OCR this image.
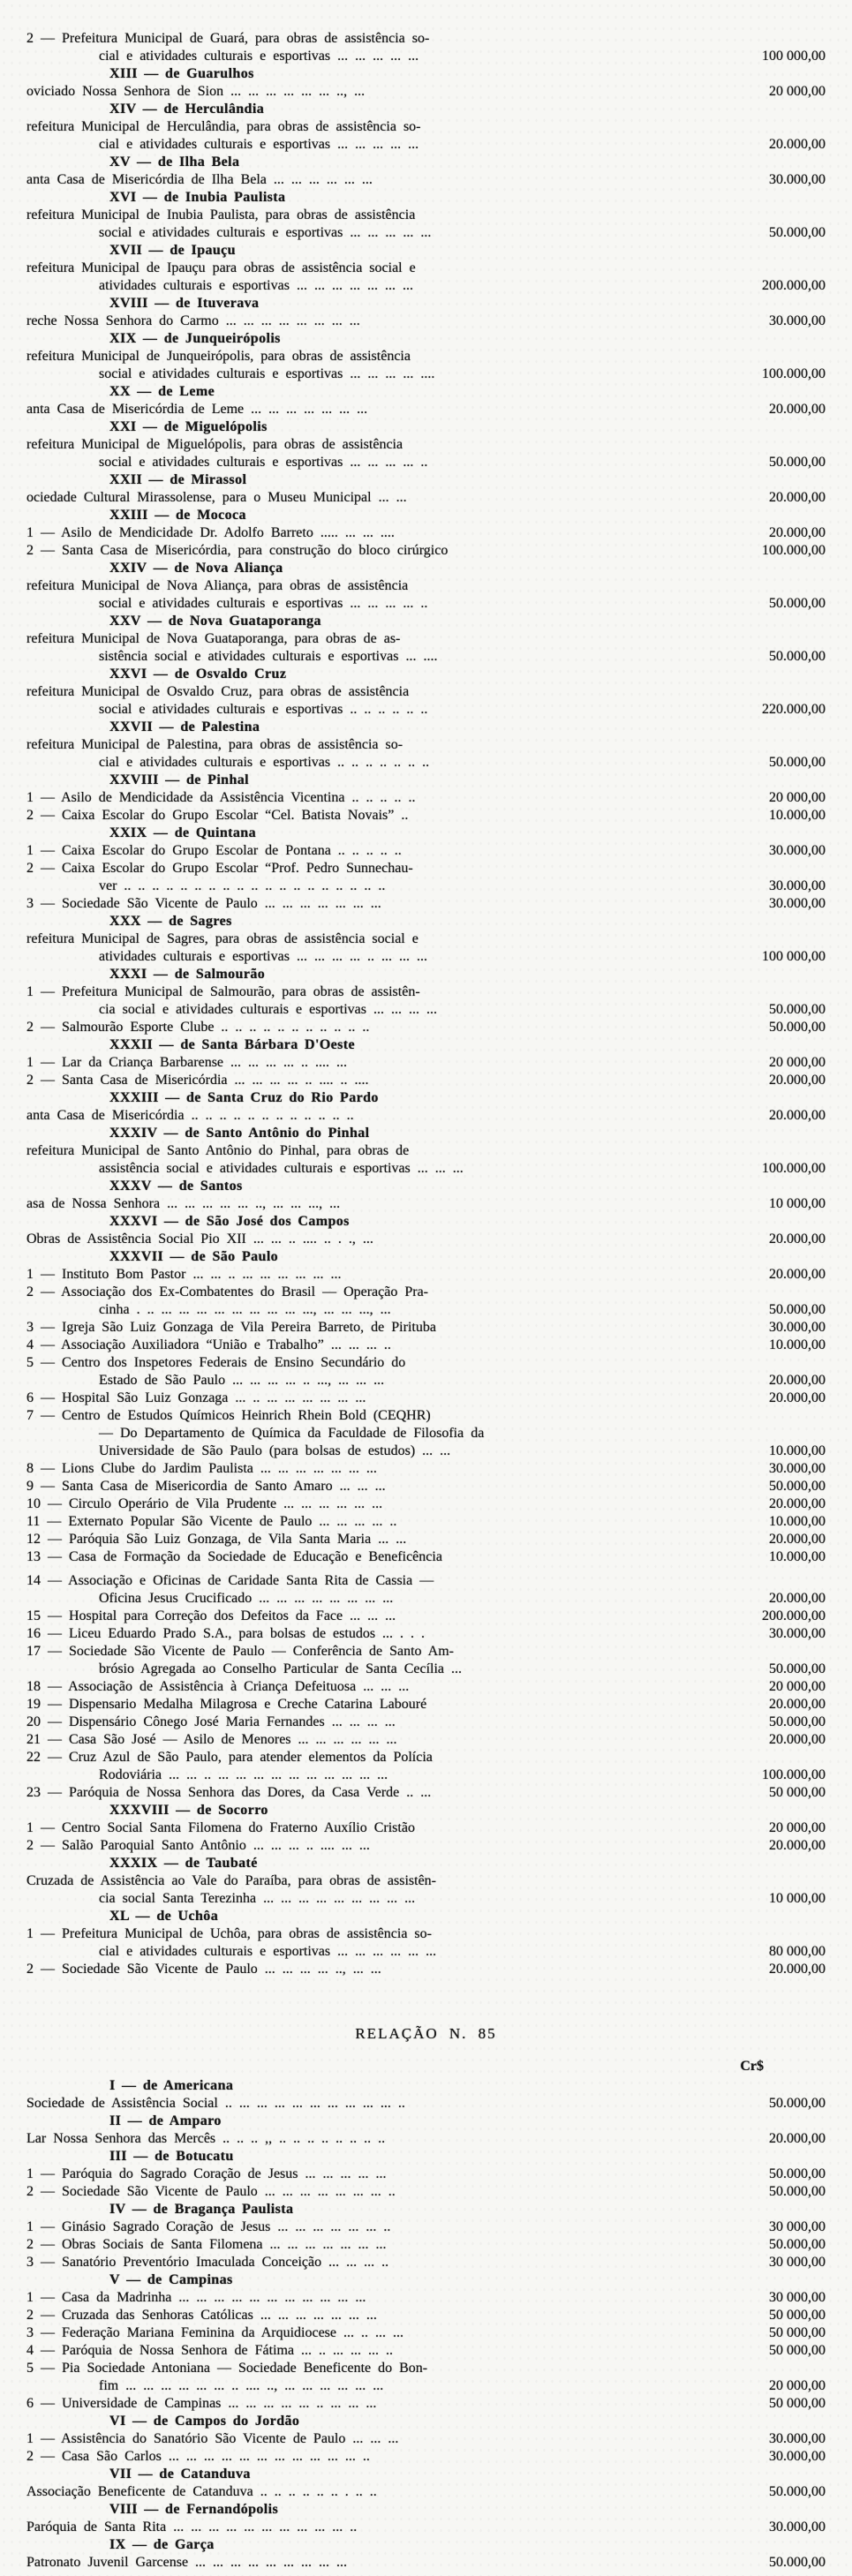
2 — Prefeitura Municipal de Guará, para obras de assistência so-
cial e atividades culturais e esportivas ... ... ... ... ...	100 000,00
XIII — de Guarulhos
oviciado Nossa Senhora de Sion ... ... ... ... ... ... .., ...	20 000,00
XIV — de Herculândia
refeitura Municipal de Herculândia, para obras de assistência so-
cial e atividades culturais e esportivas ... ... ... ... ...	20.000,00
XV — de Ilha Bela
anta Casa de Misericórdia de Ilha Bela ... ... ... ... ... ...	30.000,00
XVI — de Inubia Paulista
refeitura Municipal de Inubia Paulista, para obras de assistência
social e atividades culturais e esportivas ... ... ... ... ...	50.000,00
XVII — de Ipauçu
refeitura Municipal de Ipauçu para obras de assistência social e
atividades culturais e esportivas ... ... ... ... ... ... ...	200.000,00
XVIII — de Ituverava
reche Nossa Senhora do Carmo ... ... ... ... ... ... ... ...	30.000,00
XIX — de Junqueirópolis
refeitura Municipal de Junqueirópolis, para obras de assistência
social e atividades culturais e esportivas ... ... ... ... ....	100.000,00
XX — de Leme
anta Casa de Misericórdia de Leme ... ... ... ... ... ... ...	20.000,00
XXI — de Miguelópolis
refeitura Municipal de Miguelópolis, para obras de assistência
social e atividades culturais e esportivas ... ... ... ... ..	50.000,00
XXII — de Mirassol
ociedade Cultural Mirassolense, para o Museu Municipal ... ...	20.000,00
XXIII — de Mococa
1 — Asilo de Mendicidade Dr. Adolfo Barreto ..... ... ... ....	20.000,00
2 — Santa Casa de Misericórdia, para construção do bloco cirúrgico	100.000,00
XXIV — de Nova Aliança
refeitura Municipal de Nova Aliança, para obras de assistência
social e atividades culturais e esportivas ... ... ... ... ..	50.000,00
XXV — de Nova Guataporanga
refeitura Municipal de Nova Guataporanga, para obras de as-
sistência social e atividades culturais e esportivas ... ....	50.000,00
XXVI — de Osvaldo Cruz
refeitura Municipal de Osvaldo Cruz, para obras de assistência
social e atividades culturais e esportivas .. .. .. .. .. ..	220.000,00
XXVII — de Palestina
refeitura Municipal de Palestina, para obras de assistência so-
cial e atividades culturais e esportivas .. .. .. .. .. .. ..	50.000,00
XXVIII — de Pinhal
1 — Asilo de Mendicidade da Assistência Vicentina .. .. .. .. ..	20 000,00
2 — Caixa Escolar do Grupo Escolar “Cel. Batista Novais” ..	10.000,00
XXIX — de Quintana
1 — Caixa Escolar do Grupo Escolar de Pontana .. .. .. .. ..	30.000,00
2 — Caixa Escolar do Grupo Escolar “Prof. Pedro Sunnechau-
ver .. .. .. .. .. .. .. .. .. .. .. .. .. .. .. .. .. .. ..	30.000,00
3 — Sociedade São Vicente de Paulo ... ... ... ... ... ... ...	30.000,00
XXX — de Sagres
refeitura Municipal de Sagres, para obras de assistência social e
atividades culturais e esportivas ... ... ... ... .. ... ... ...	100 000,00
XXXI — de Salmourão
1 — Prefeitura Municipal de Salmourão, para obras de assistên-
cia social e atividades culturais e esportivas ... ... ... ...	50.000,00
2 — Salmourão Esporte Clube .. .. .. .. .. .. .. .. .. .. ..	50.000,00
XXXII — de Santa Bárbara D'Oeste
1 — Lar da Criança Barbarense ... ... ... ... .. .... ...	20 000,00
2 — Santa Casa de Misericórdia ... ... ... ... .. .... .. ....	20.000,00
XXXIII — de Santa Cruz do Rio Pardo
anta Casa de Misericórdia .. .. .. .. .. .. .. .. .. .. .. ..	20.000,00
XXXIV — de Santo Antônio do Pinhal
refeitura Municipal de Santo Antônio do Pinhal, para obras de
assistência social e atividades culturais e esportivas ... ... ...	100.000,00
XXXV — de Santos
asa de Nossa Senhora ... ... ... ... ... .., ... ... ..., ...	10 000,00
XXXVI — de São José dos Campos
Obras de Assistência Social Pio XII ... ... .. .... .. . ., ...	20.000,00
XXXVII — de São Paulo
1 — Instituto Bom Pastor ... ... .. ... ... ... ... ... ...	20.000,00
2 — Associação dos Ex-Combatentes do Brasil — Operação Pra-
cinha . .. ... ... ... ... ... ... ... ... ..., ... ... ..., ...	50.000,00
3 — Igreja São Luiz Gonzaga de Vila Pereira Barreto, de Pirituba	30.000,00
4 — Associação Auxiliadora “União e Trabalho” ... ... ... ..	10.000,00
5 — Centro dos Inspetores Federais de Ensino Secundário do
Estado de São Paulo ... ... ... ... .. ..., ... ... ...	20.000,00
6 — Hospital São Luiz Gonzaga ... .. ... ... ... ... ... ...	20.000,00
7 — Centro de Estudos Químicos Heinrich Rhein Bold (CEQHR)
— Do Departamento de Química da Faculdade de Filosofia da
Universidade de São Paulo (para bolsas de estudos) ... ...	10.000,00
8 — Lions Clube do Jardim Paulista ... ... ... ... ... ... ...	30.000,00
9 — Santa Casa de Misericordia de Santo Amaro ... ... ...	50.000,00
10 — Circulo Operário de Vila Prudente ... ... ... ... ... ...	20.000,00
11 — Externato Popular São Vicente de Paulo ... ... ... ... ..	10.000,00
12 — Paróquia São Luiz Gonzaga, de Vila Santa Maria ... ...	20.000,00
13 — Casa de Formação da Sociedade de Educação e Beneficência	10.000,00
14 — Associação e Oficinas de Caridade Santa Rita de Cassia —
Oficina Jesus Crucificado ... ... ... ... ... ... ... ...	20.000,00
15 — Hospital para Correção dos Defeitos da Face ... ... ...	200.000,00
16 — Liceu Eduardo Prado S.A., para bolsas de estudos ... . . .	30.000,00
17 — Sociedade São Vicente de Paulo — Conferência de Santo Am-
brósio Agregada ao Conselho Particular de Santa Cecília ...	50.000,00
18 — Associação de Assistência à Criança Defeituosa ... ... ...	20 000,00
19 — Dispensario Medalha Milagrosa e Creche Catarina Labouré	20.000,00
20 — Dispensário Cônego José Maria Fernandes ... ... ... ...	50.000,00
21 — Casa São José — Asilo de Menores ... ... ... ... ... ...	20.000,00
22 — Cruz Azul de São Paulo, para atender elementos da Polícia
Rodoviária ... ... .. ... ... ... ... ... ... ... ... ... ...	100.000,00
23 — Paróquia de Nossa Senhora das Dores, da Casa Verde .. ...	50 000,00
XXXVIII — de Socorro
1 — Centro Social Santa Filomena do Fraterno Auxílio Cristão	20 000,00
2 — Salão Paroquial Santo Antônio ... ... ... .. .... ... ...	20.000,00
XXXIX — de Taubaté
Cruzada de Assistência ao Vale do Paraíba, para obras de assistên-
cia social Santa Terezinha ... ... ... ... ... ... ... ... ...	10 000,00
XL — de Uchôa
1 — Prefeitura Municipal de Uchôa, para obras de assistência so-
cial e atividades culturais e esportivas ... ... ... ... ... ...	80 000,00
2 — Sociedade São Vicente de Paulo ... ... ... ... .., ... ...	20.000,00
RELAÇÃO N. 85
Cr$
I — de Americana
Sociedade de Assistência Social .. ... ... ... ... ... ... ... ... ... ..	50.000,00
II — de Amparo
Lar Nossa Senhora das Mercês .. .. .. ,, .. .. .. .. .. .. .. ..	20.000,00
III — de Botucatu
1 — Paróquia do Sagrado Coração de Jesus ... ... ... ... ...	50.000,00
2 — Sociedade São Vicente de Paulo ... ... ... ... ... ... ... ..	50.000,00
IV — de Bragança Paulista
1 — Ginásio Sagrado Coração de Jesus ... ... ... ... ... ... ..	30 000,00
2 — Obras Sociais de Santa Filomena ... ... ... ... ... ... ...	50.000,00
3 — Sanatório Preventório Imaculada Conceição ... ... ... ..	30 000,00
V — de Campinas
1 — Casa da Madrinha ... ... ... ... ... ... ... ... ... ... ...	30 000,00
2 — Cruzada das Senhoras Católicas ... ... ... ... ... ... ...	50 000,00
3 — Federação Mariana Feminina da Arquidiocese ... .. ... ...	50 000,00
4 — Paróquia de Nossa Senhora de Fátima ... .. ... ... ... ..	50 000,00
5 — Pia Sociedade Antoniana — Sociedade Beneficente do Bon-
fim ... ... ... ... ... ... .. .... .., ... ... ... ... ... ...	20 000,00
6 — Universidade de Campinas ... ... ... ... ... .. ... ... ...	50 000,00
VI — de Campos do Jordão
1 — Assistência do Sanatório São Vicente de Paulo ... ... ...	30.000,00
2 — Casa São Carlos ... ... ... ... ... ... ... ... ... ... ... ..	30.000,00
VII — de Catanduva
Associação Beneficente de Catanduva .. .. .. .. .. .. . .. ..	50.000,00
VIII — de Fernandópolis
Paróquia de Santa Rita ... ... ... ... ... ... ... ... ... ... ..	30.000,00
IX — de Garça
Patronato Juvenil Garcense ... ... ... ... ... ... ... ... ...	50.000,00
